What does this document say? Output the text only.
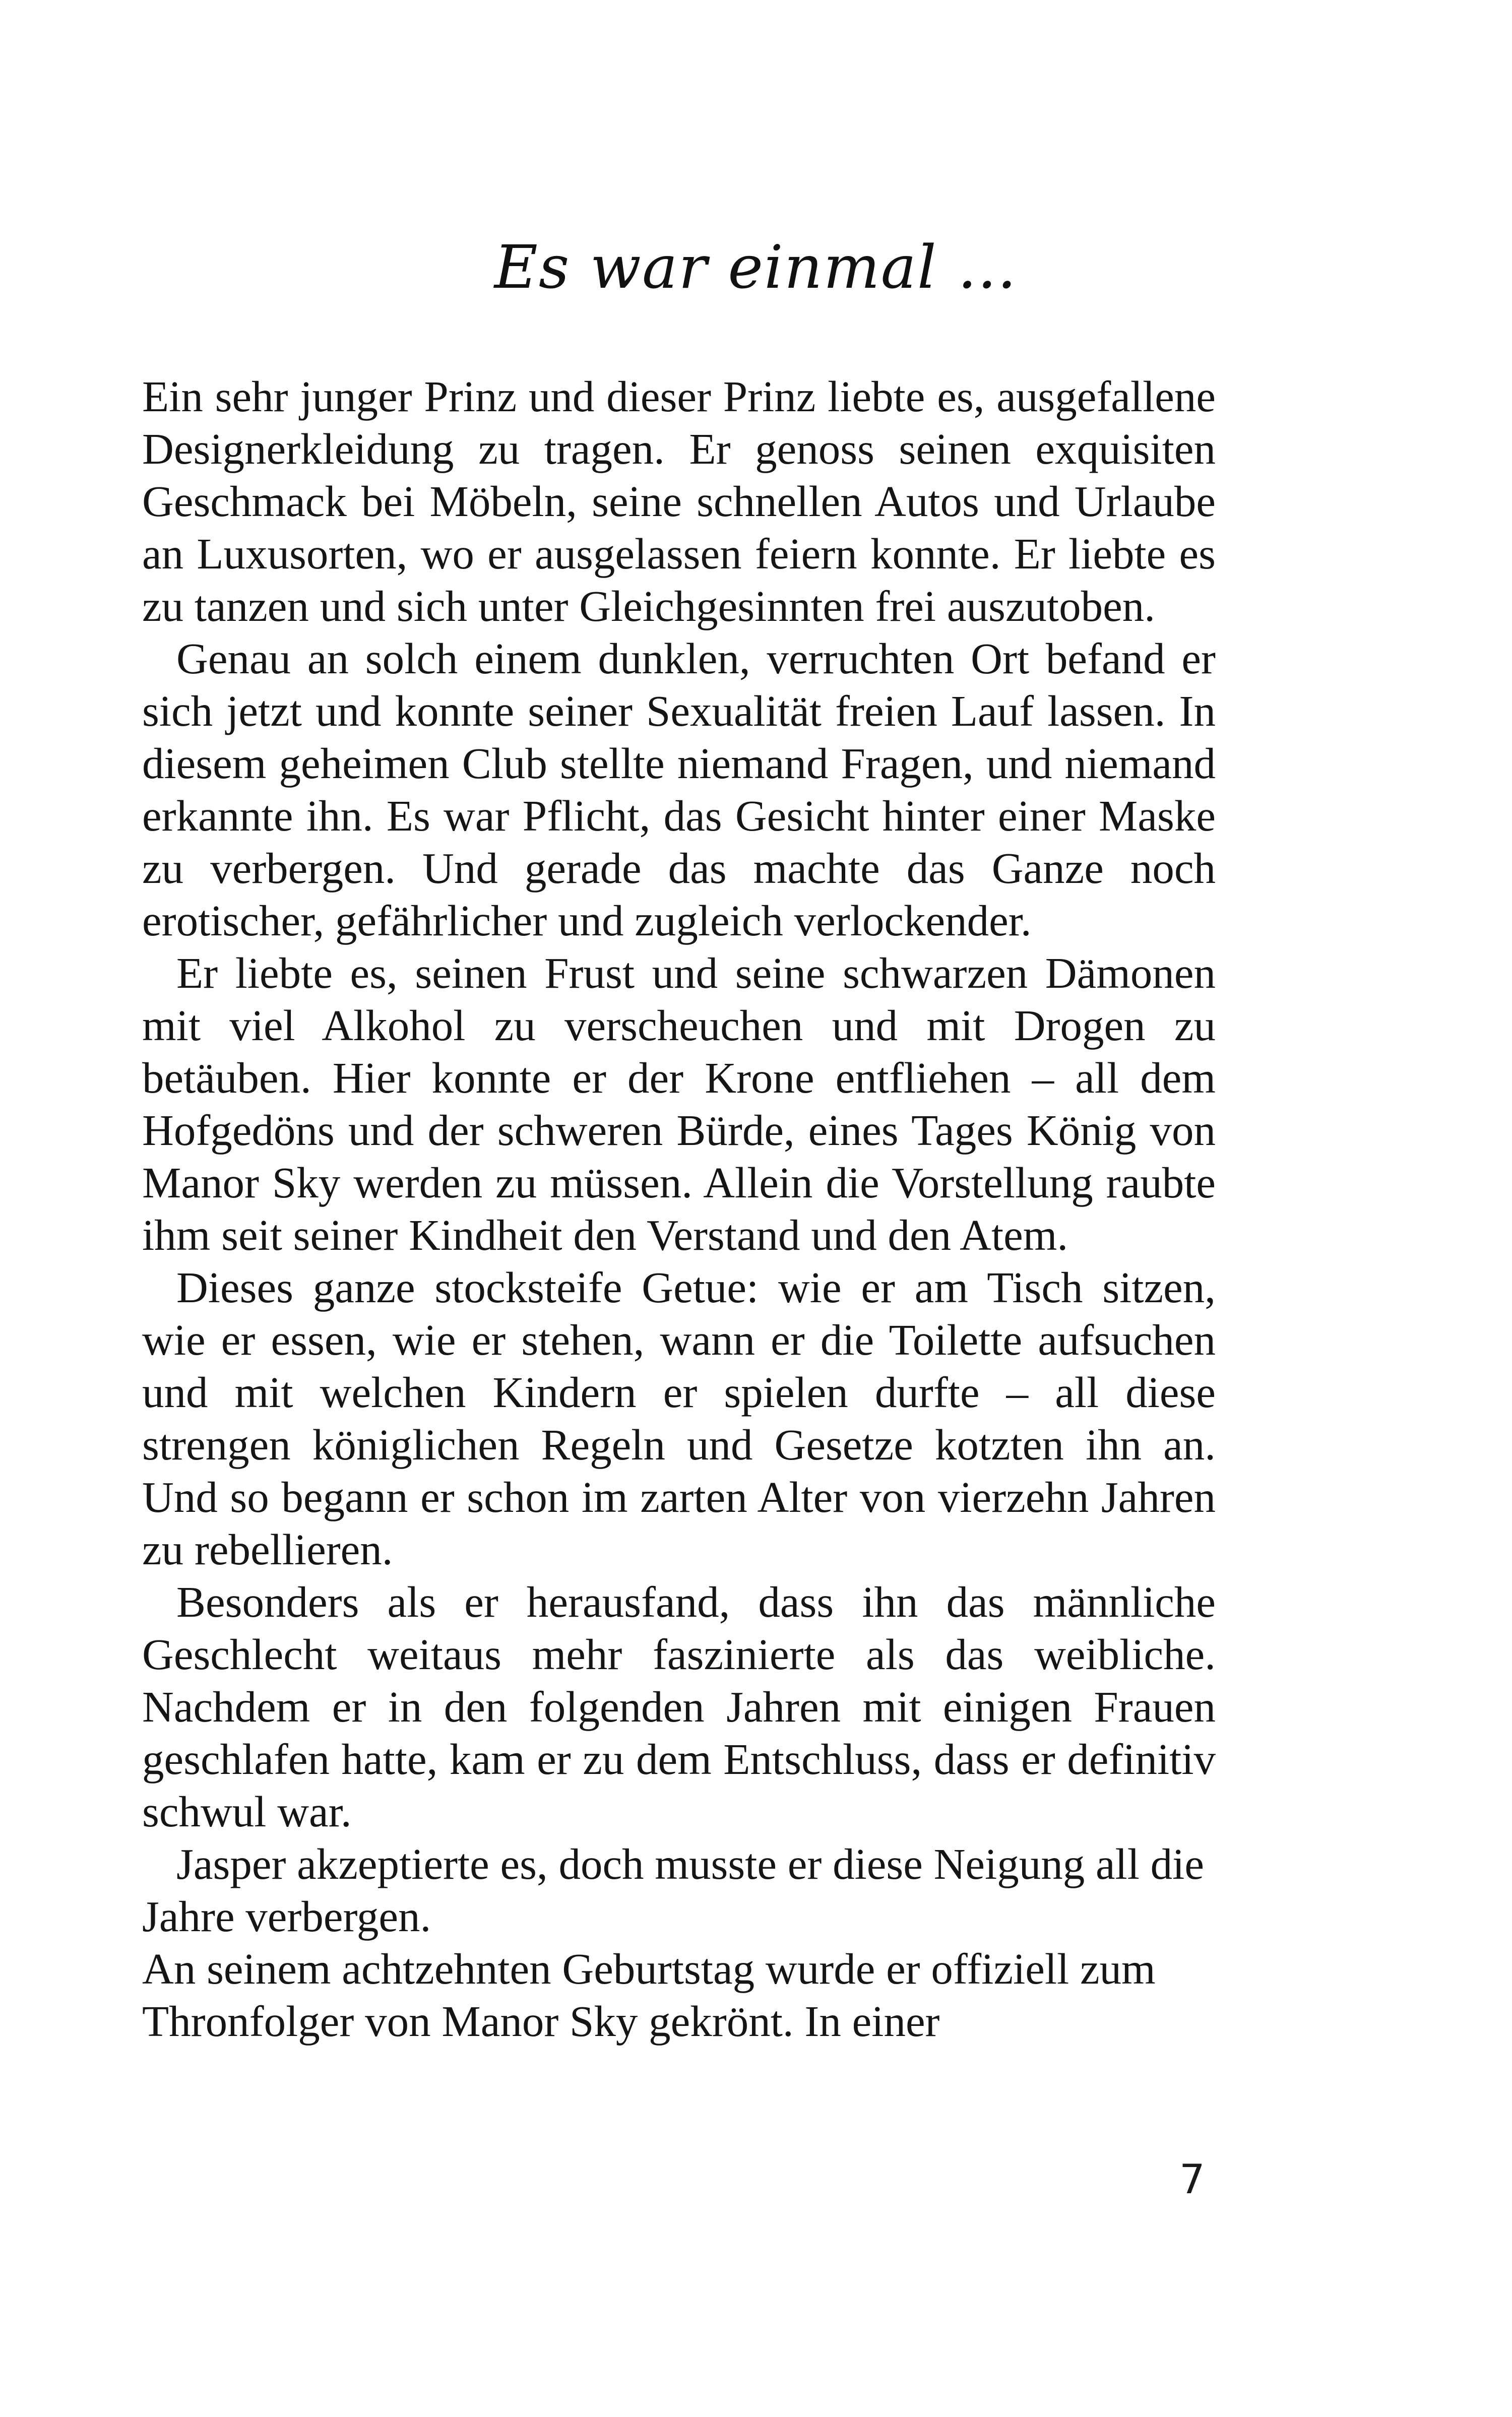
Es war einmal …

Ein sehr junger Prinz und dieser Prinz liebte es, ausgefallene Designerkleidung zu tragen. Er genoss seinen exquisiten Geschmack bei Möbeln, seine schnellen Autos und Urlaube an Luxusorten, wo er ausgelassen feiern konnte. Er liebte es zu tanzen und sich unter Gleichgesinnten frei auszutoben.

Genau an solch einem dunklen, verruchten Ort befand er sich jetzt und konnte seiner Sexualität freien Lauf lassen. In diesem geheimen Club stellte niemand Fragen, und niemand erkannte ihn. Es war Pflicht, das Gesicht hinter einer Maske zu verbergen. Und gerade das machte das Ganze noch erotischer, gefährlicher und zugleich verlockender.

Er liebte es, seinen Frust und seine schwarzen Dämonen mit viel Alkohol zu verscheuchen und mit Drogen zu betäuben. Hier konnte er der Krone entfliehen – all dem Hofgedöns und der schweren Bürde, eines Tages König von Manor Sky werden zu müssen. Allein die Vorstellung raubte ihm seit seiner Kindheit den Verstand und den Atem.

Dieses ganze stocksteife Getue: wie er am Tisch sitzen, wie er essen, wie er stehen, wann er die Toilette aufsuchen und mit welchen Kindern er spielen durfte – all diese strengen königlichen Regeln und Gesetze kotzten ihn an. Und so begann er schon im zarten Alter von vierzehn Jahren zu rebellieren.

Besonders als er herausfand, dass ihn das männliche Geschlecht weitaus mehr faszinierte als das weibliche. Nachdem er in den folgenden Jahren mit einigen Frauen geschlafen hatte, kam er zu dem Entschluss, dass er definitiv schwul war.

Jasper akzeptierte es, doch musste er diese Neigung all die Jahre verbergen.

An seinem achtzehnten Geburtstag wurde er offiziell zum Thronfolger von Manor Sky gekrönt. In einer

7
